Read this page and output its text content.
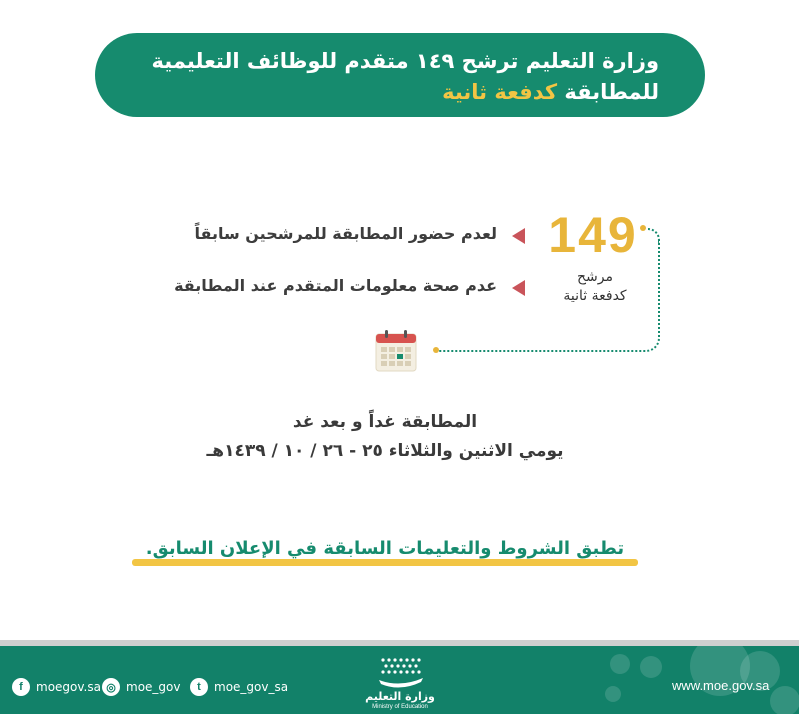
وزارة التعليم ترشح ١٤٩ متقدم للوظائف التعليمية
للمطابقة كدفعة ثانية
149
مرشح
كدفعة ثانية
لعدم حضور المطابقة للمرشحين سابقاً
عدم صحة معلومات المتقدم عند المطابقة
المطابقة غداً و بعد غد
يومي الاثنين والثلاثاء ٢٥ - ٢٦ / ١٠ / ١٤٣٩هـ
تطبق الشروط والتعليمات السابقة في الإعلان السابق.
f	moegov.sa ◎ moe_gov	t	moe_gov_sa
وزارة التعليم
Ministry of Education
www.moe.gov.sa
